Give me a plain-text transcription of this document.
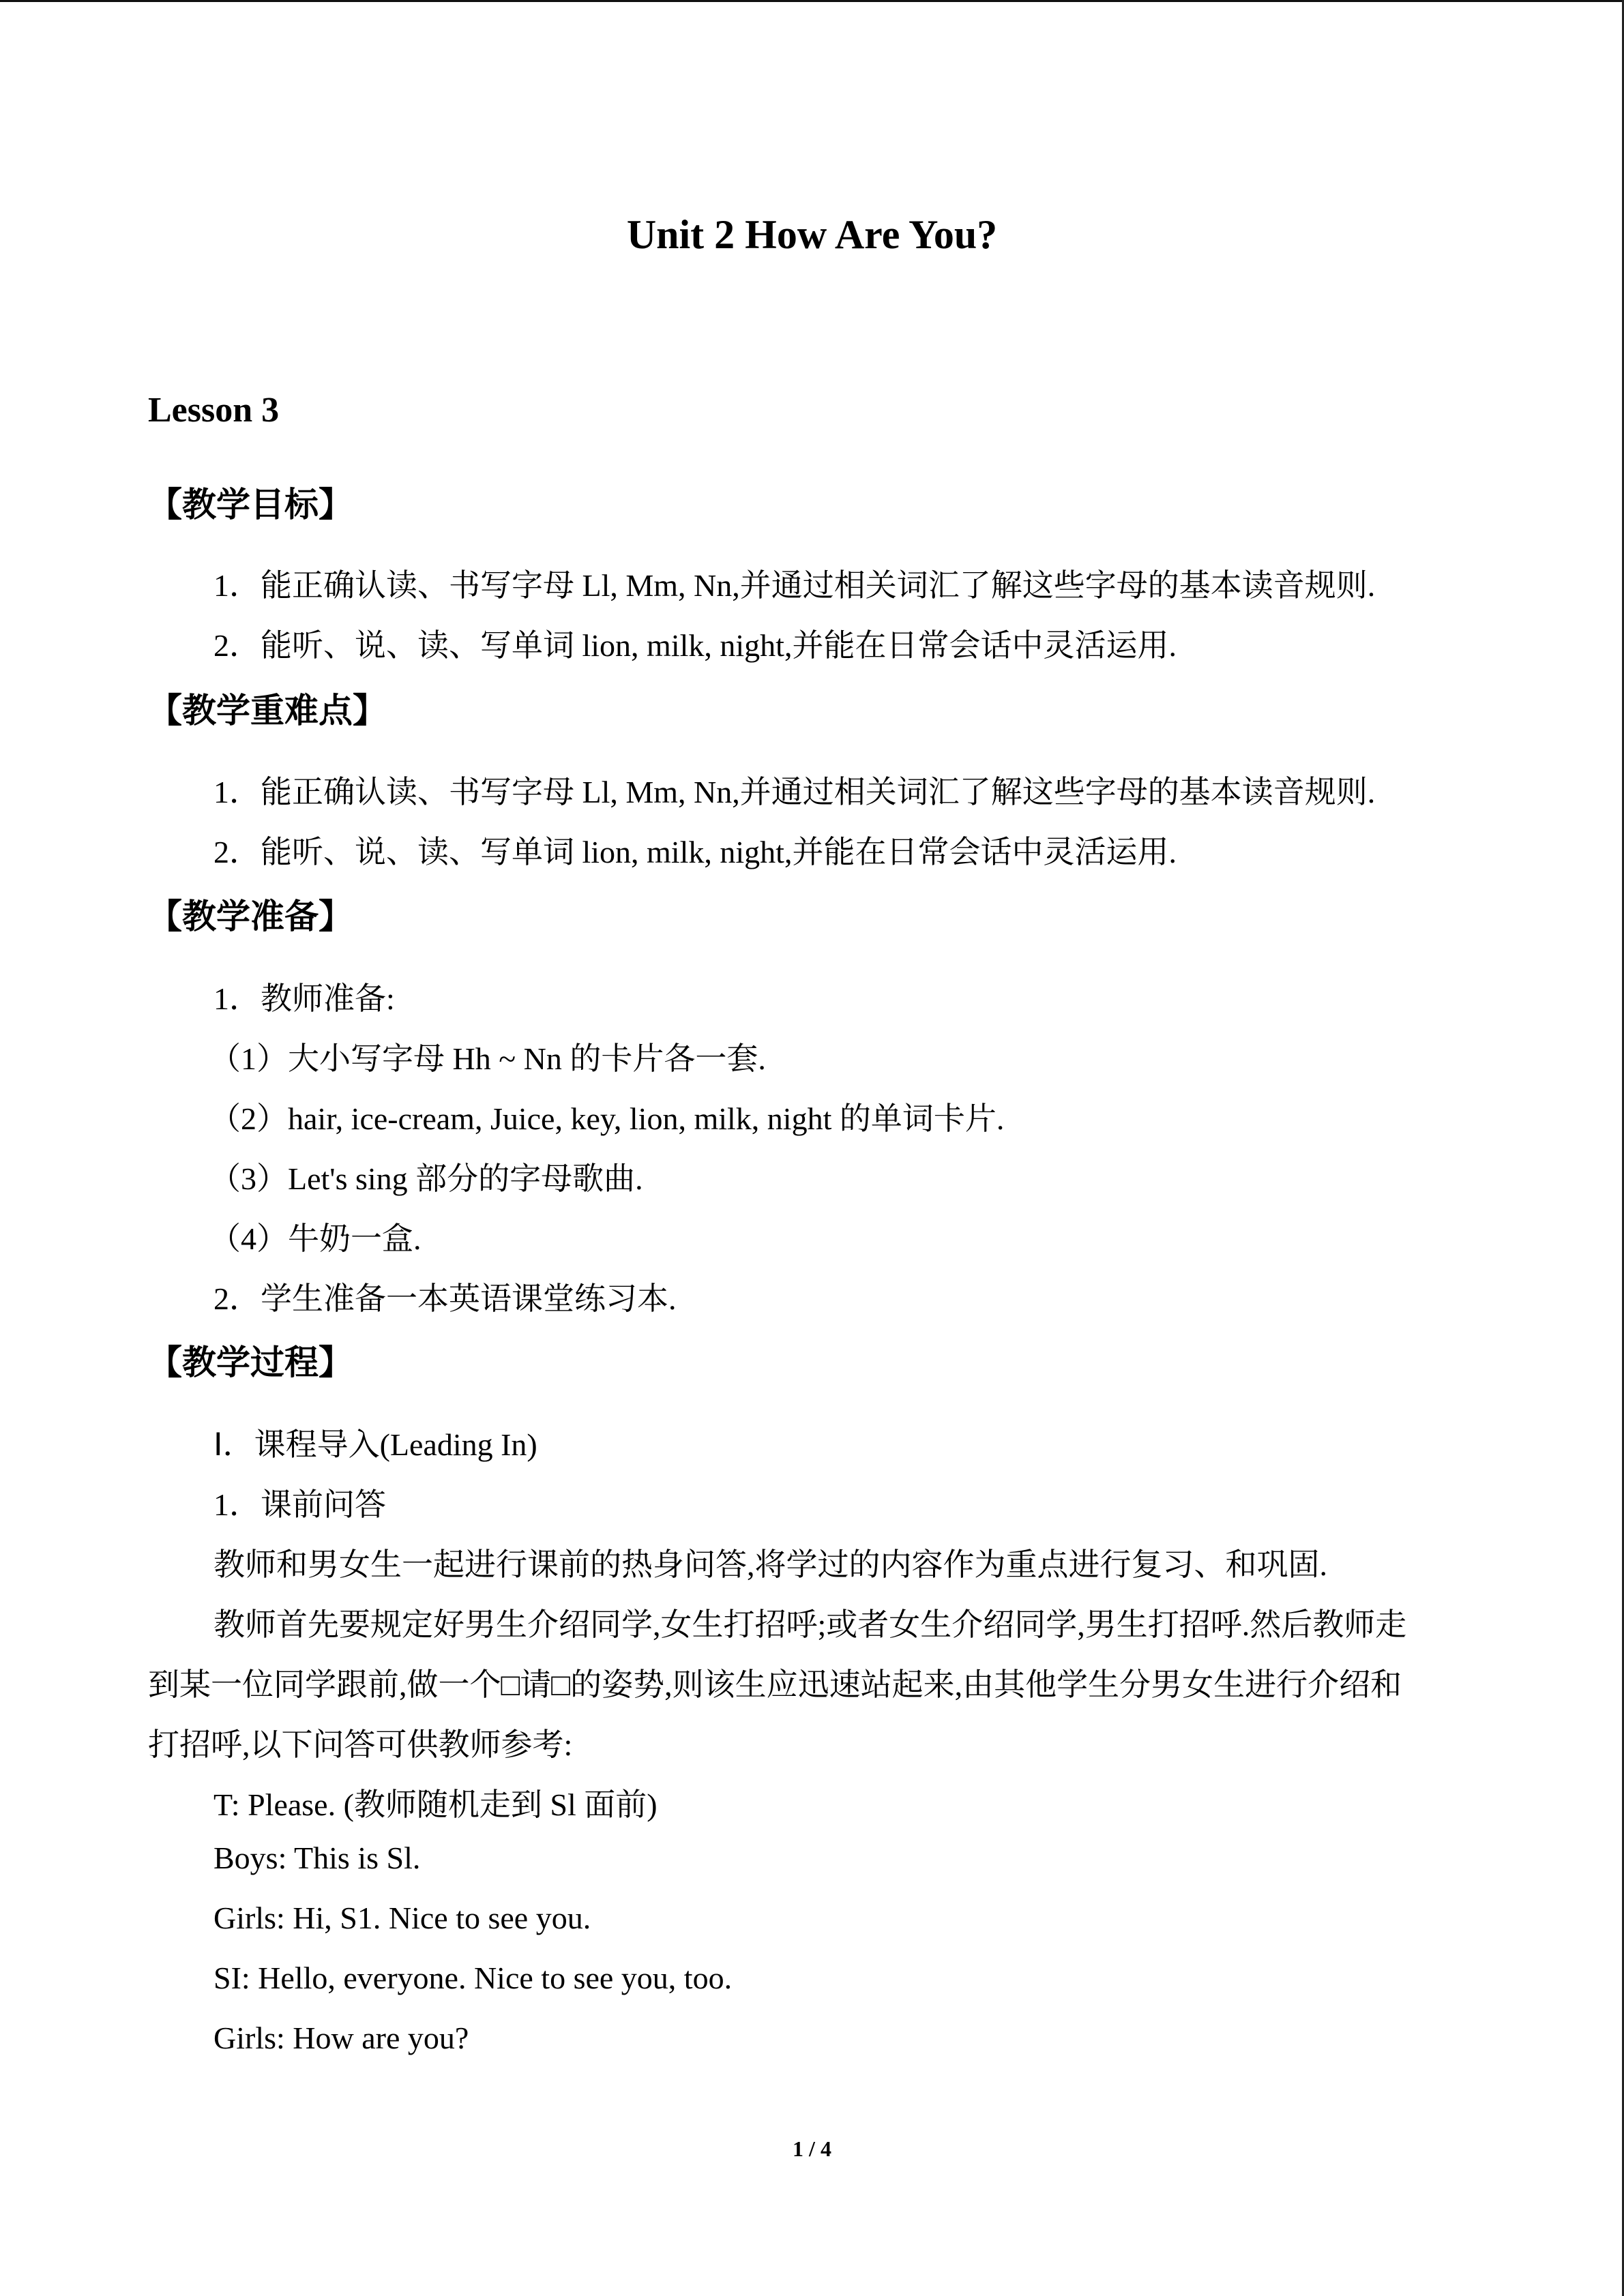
Unit 2 How Are You?
Lesson 3
【教学目标】
1．能正确认读、书写字母 Ll, Mm, Nn,并通过相关词汇了解这些字母的基本读音规则.
2．能听、说、读、写单词 lion, milk, night,并能在日常会话中灵活运用.
【教学重难点】
1．能正确认读、书写字母 Ll, Mm, Nn,并通过相关词汇了解这些字母的基本读音规则.
2．能听、说、读、写单词 lion, milk, night,并能在日常会话中灵活运用.
【教学准备】
1．教师准备:
（1）大小写字母 Hh ~ Nn 的卡片各一套.
（2）hair, ice-cream, Juice, key, lion, milk, night 的单词卡片.
（3）Let's sing 部分的字母歌曲.
（4）牛奶一盒.
2．学生准备一本英语课堂练习本.
【教学过程】
Ⅰ．课程导入(Leading In)
1．课前问答
教师和男女生一起进行课前的热身问答,将学过的内容作为重点进行复习、和巩固.
教师首先要规定好男生介绍同学,女生打招呼;或者女生介绍同学,男生打招呼.然后教师走
到某一位同学跟前,做一个□请□的姿势,则该生应迅速站起来,由其他学生分男女生进行介绍和
打招呼,以下问答可供教师参考:
T: Please. (教师随机走到 Sl 面前)
Boys: This is Sl.
Girls: Hi, S1. Nice to see you.
SI: Hello, everyone. Nice to see you, too.
Girls: How are you?
1 / 4
